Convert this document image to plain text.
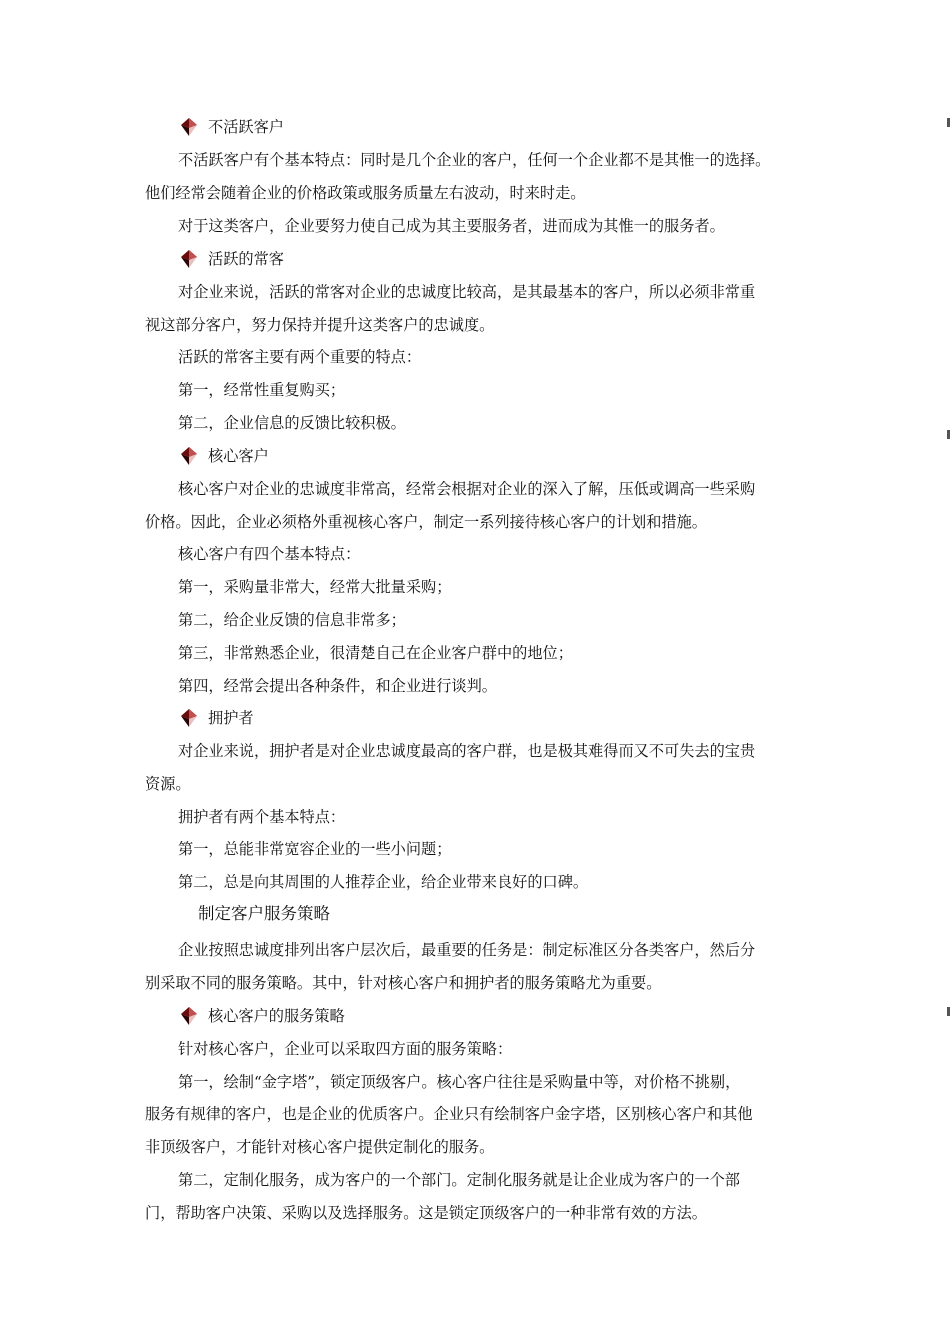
不活跃客户
不活跃客户有个基本特点：同时是几个企业的客户，任何一个企业都不是其惟一的选择。
他们经常会随着企业的价格政策或服务质量左右波动，时来时走。
对于这类客户，企业要努力使自己成为其主要服务者，进而成为其惟一的服务者。
活跃的常客
对企业来说，活跃的常客对企业的忠诚度比较高，是其最基本的客户，所以必须非常重
视这部分客户，努力保持并提升这类客户的忠诚度。
活跃的常客主要有两个重要的特点：
第一，经常性重复购买；
第二，企业信息的反馈比较积极。
核心客户
核心客户对企业的忠诚度非常高，经常会根据对企业的深入了解，压低或调高一些采购
价格。因此，企业必须格外重视核心客户，制定一系列接待核心客户的计划和措施。
核心客户有四个基本特点：
第一，采购量非常大，经常大批量采购；
第二，给企业反馈的信息非常多；
第三，非常熟悉企业，很清楚自己在企业客户群中的地位；
第四，经常会提出各种条件，和企业进行谈判。
拥护者
对企业来说，拥护者是对企业忠诚度最高的客户群，也是极其难得而又不可失去的宝贵
资源。
拥护者有两个基本特点：
第一，总能非常宽容企业的一些小问题；
第二，总是向其周围的人推荐企业，给企业带来良好的口碑。
制定客户服务策略
企业按照忠诚度排列出客户层次后，最重要的任务是：制定标准区分各类客户，然后分
别采取不同的服务策略。其中，针对核心客户和拥护者的服务策略尤为重要。
核心客户的服务策略
针对核心客户，企业可以采取四方面的服务策略：
第一，绘制“金字塔”，锁定顶级客户。核心客户往往是采购量中等，对价格不挑剔，
服务有规律的客户，也是企业的优质客户。企业只有绘制客户金字塔，区别核心客户和其他
非顶级客户，才能针对核心客户提供定制化的服务。
第二，定制化服务，成为客户的一个部门。定制化服务就是让企业成为客户的一个部
门，帮助客户决策、采购以及选择服务。这是锁定顶级客户的一种非常有效的方法。
